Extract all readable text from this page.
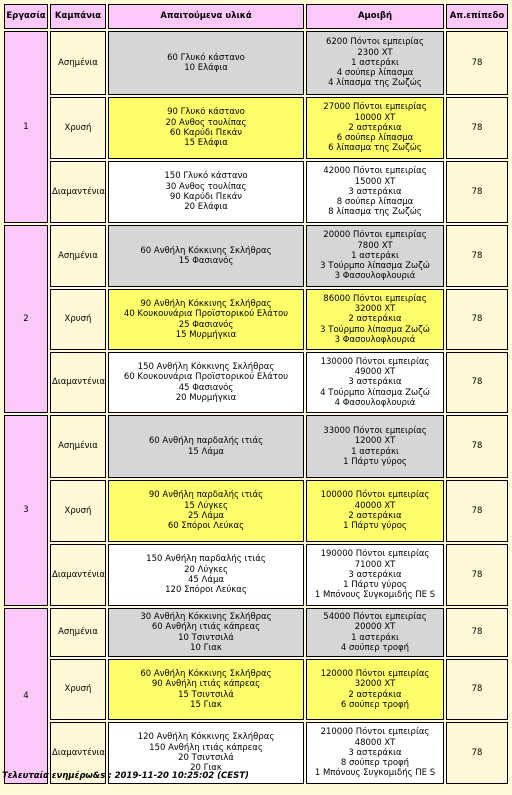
Εργασία	Καμπάνια	Απαιτούμενα υλικά	Αμοιβή	Απ.επίπεδο
1	Ασημένια	60 Γλυκό κάστανο
10 Ελάφια	6200 Πόντοι εμπειρίας
2300 XT
1 αστεράκι
4 σούπερ λίπασμα
4 λίπασμα της Ζωζώς	78
	Χρυσή	90 Γλυκό κάστανο
20 Ανθος τουλίπας
60 Καρύδι Πεκάν
15 Ελάφια	27000 Πόντοι εμπειρίας
10000 XT
2 αστεράκια
6 σούπερ λίπασμα
6 λίπασμα της Ζωζώς	78
	Διαμαντένια	150 Γλυκό κάστανο
30 Ανθος τουλίπας
90 Καρύδι Πεκάν
20 Ελάφια	42000 Πόντοι εμπειρίας
15000 XT
3 αστεράκια
8 σούπερ λίπασμα
8 λίπασμα της Ζωζώς	78
2	Ασημένια	60 Ανθήλη Κόκκινης Σκλήθρας
15 Φασιανός	20000 Πόντοι εμπειρίας
7800 XT
1 αστεράκι
3 Τούρμπο λίπασμα Ζωζώ
3 Φασουλοφλουριά	78
	Χρυσή	90 Ανθήλη Κόκκινης Σκλήθρας
40 Κουκουνάρια Προϊστορικού Ελάτου
25 Φασιανός
15 Μυρμήγκια	86000 Πόντοι εμπειρίας
32000 XT
2 αστεράκια
3 Τούρμπο λίπασμα Ζωζώ
3 Φασουλοφλουριά	78
	Διαμαντένια	150 Ανθήλη Κόκκινης Σκλήθρας
60 Κουκουνάρια Προϊστορικού Ελάτου
45 Φασιανός
20 Μυρμήγκια	130000 Πόντοι εμπειρίας
49000 XT
3 αστεράκια
4 Τούρμπο λίπασμα Ζωζώ
4 Φασουλοφλουριά	78
3	Ασημένια	60 Ανθήλη παρδαλής ιτιάς
15 Λάμα	33000 Πόντοι εμπειρίας
12000 XT
1 αστεράκι
1 Πάρτυ γύρος	78
	Χρυσή	90 Ανθήλη παρδαλής ιτιάς
15 Λύγκες
25 Λάμα
60 Σπόροι Λεύκας	100000 Πόντοι εμπειρίας
40000 XT
2 αστεράκια
1 Πάρτυ γύρος	78
	Διαμαντένια	150 Ανθήλη παρδαλής ιτιάς
20 Λύγκες
45 Λάμα
120 Σπόροι Λεύκας	190000 Πόντοι εμπειρίας
71000 XT
3 αστεράκια
1 Πάρτυ γύρος
1 Μπόνους Συγκομιδής ΠΕ S	78
4	Ασημένια	30 Ανθήλη Κόκκινης Σκλήθρας
60 Ανθήλη ιτιάς κάπρεας
10 Τσιντσιλά
10 Γιακ	54000 Πόντοι εμπειρίας
20000 XT
1 αστεράκι
4 σούπερ τροφή	78
	Χρυσή	60 Ανθήλη Κόκκινης Σκλήθρας
90 Ανθήλη ιτιάς κάπρεας
15 Τσιντσιλά
15 Γιακ	120000 Πόντοι εμπειρίας
32000 XT
2 αστεράκια
6 σούπερ τροφή	78
	Διαμαντένια	120 Ανθήλη Κόκκινης Σκλήθρας
150 Ανθήλη ιτιάς κάπρεας
20 Τσιντσιλά
20 Γιακ	210000 Πόντοι εμπειρίας
48000 XT
3 αστεράκια
8 σούπερ τροφή
1 Μπόνους Συγκομιδής ΠΕ S	78
Τελευταία ενημέρω&s : 2019-11-20 10:25:02 (CEST)
